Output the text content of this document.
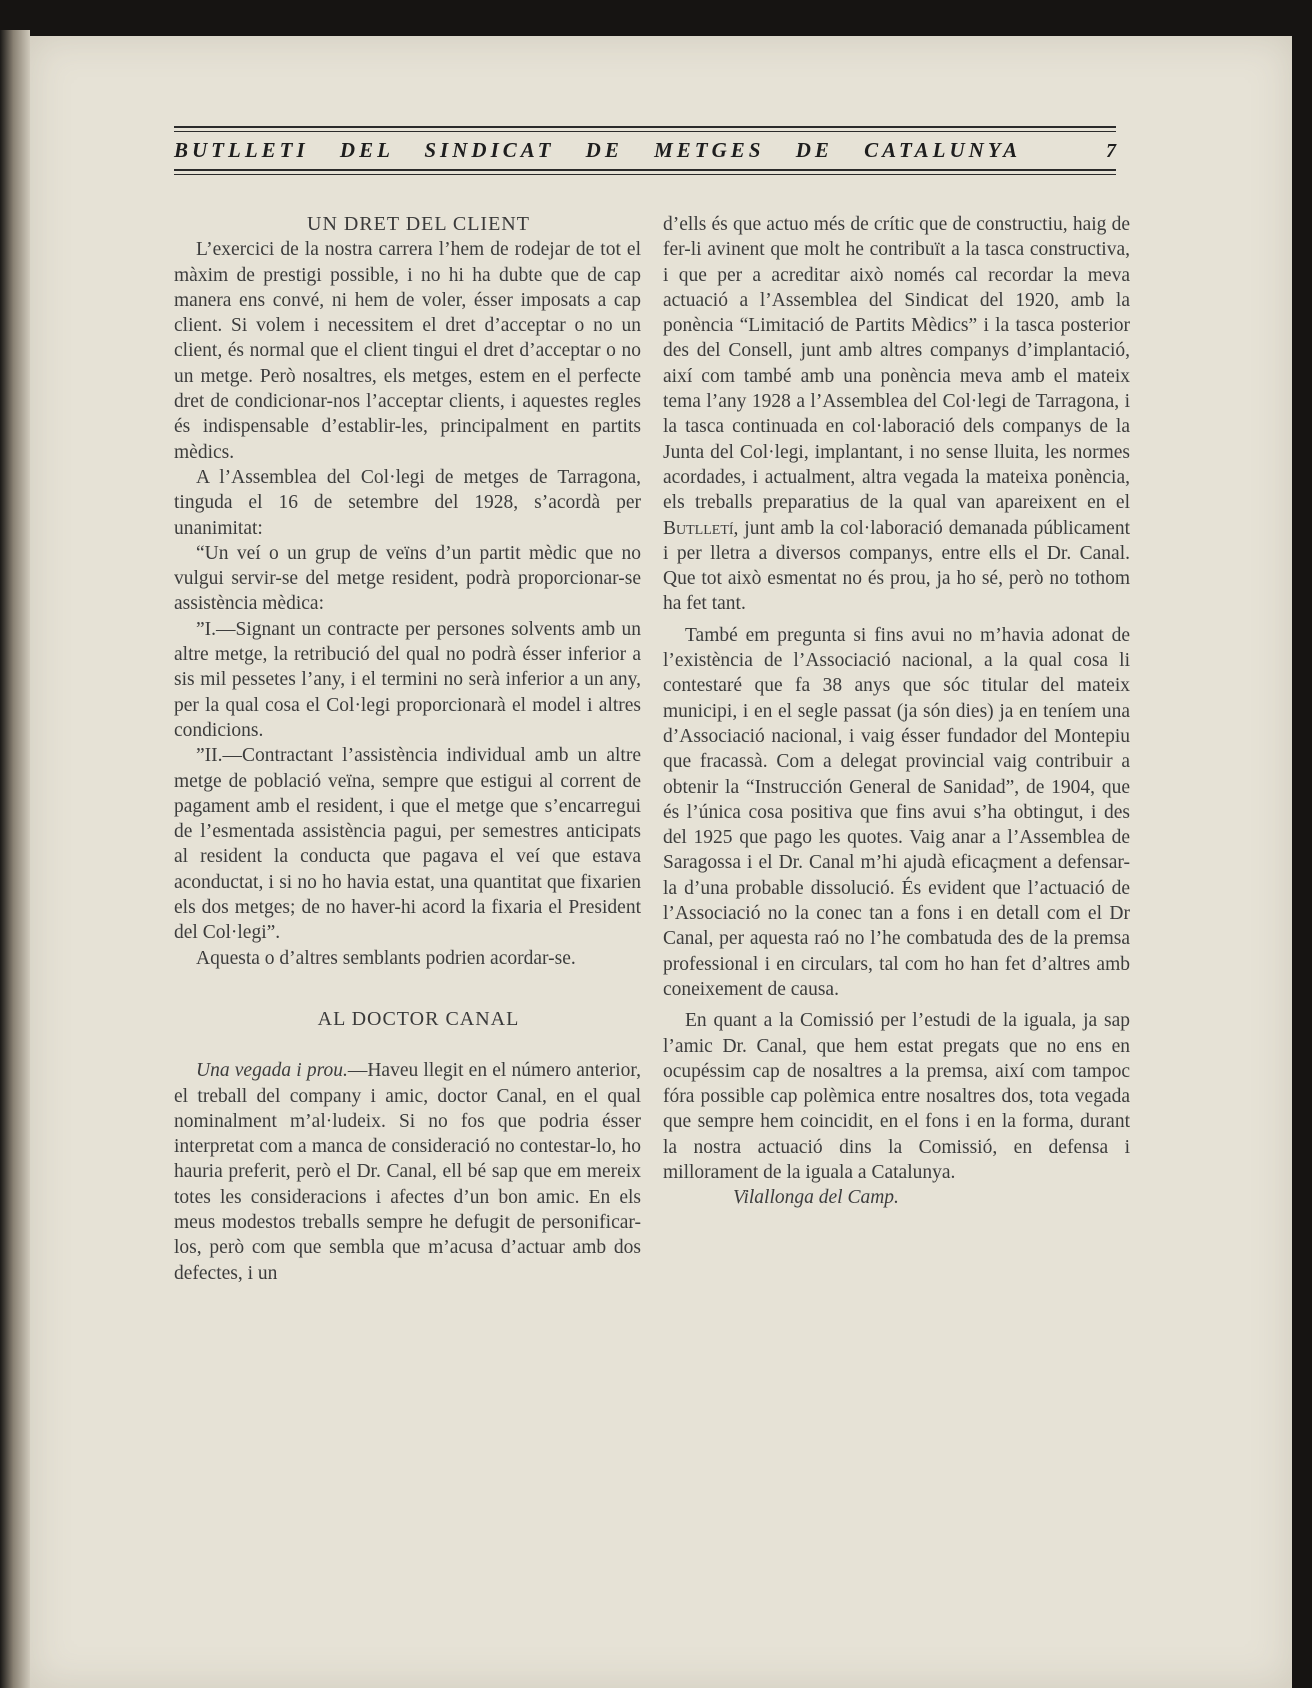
BUTLLETI DEL SINDICAT DE METGES DE CATALUNYA	7

UN DRET DEL CLIENT

L’exercici de la nostra carrera l’hem de rodejar de tot el màxim de prestigi possible, i no hi ha dubte que de cap manera ens convé, ni hem de voler, ésser imposats a cap client. Si volem i necessitem el dret d’acceptar o no un client, és normal que el client tingui el dret d’acceptar o no un metge. Però nosaltres, els metges, estem en el perfecte dret de condicionar-nos l’acceptar clients, i aquestes regles és indispensable d’establir-les, principalment en partits mèdics.

A l’Assemblea del Col·legi de metges de Tarragona, tinguda el 16 de setembre del 1928, s’acordà per unanimitat:

“Un veí o un grup de veïns d’un partit mèdic que no vulgui servir-se del metge resident, podrà proporcionar-se assistència mèdica:

”I.—Signant un contracte per persones solvents amb un altre metge, la retribució del qual no podrà ésser inferior a sis mil pessetes l’any, i el termini no serà inferior a un any, per la qual cosa el Col·legi proporcionarà el model i altres condicions.

”II.—Contractant l’assistència individual amb un altre metge de població veïna, sempre que estigui al corrent de pagament amb el resident, i que el metge que s’encarregui de l’esmentada assistència pagui, per semestres anticipats al resident la conducta que pagava el veí que estava aconductat, i si no ho havia estat, una quantitat que fixarien els dos metges; de no haver-hi acord la fixaria el President del Col·legi”.

Aquesta o d’altres semblants podrien acordar-se.

AL DOCTOR CANAL

Una vegada i prou.—Haveu llegit en el número anterior, el treball del company i amic, doctor Canal, en el qual nominalment m’al·ludeix. Si no fos que podria ésser interpretat com a manca de consideració no contestar-lo, ho hauria preferit, però el Dr. Canal, ell bé sap que em mereix totes les consideracions i afectes d’un bon amic. En els meus modestos treballs sempre he defugit de personificar-los, però com que sembla que m’acusa d’actuar amb dos defectes, i un

d’ells és que actuo més de crític que de constructiu, haig de fer-li avinent que molt he contribuït a la tasca constructiva, i que per a acreditar això només cal recordar la meva actuació a l’Assemblea del Sindicat del 1920, amb la ponència “Limitació de Partits Mèdics” i la tasca posterior des del Consell, junt amb altres companys d’implantació, així com també amb una ponència meva amb el mateix tema l’any 1928 a l’Assemblea del Col·legi de Tarragona, i la tasca continuada en col·laboració dels companys de la Junta del Col·legi, implantant, i no sense lluita, les normes acordades, i actualment, altra vegada la mateixa ponència, els treballs preparatius de la qual van apareixent en el Butlletí, junt amb la col·laboració demanada públicament i per lletra a diversos companys, entre ells el Dr. Canal. Que tot això esmentat no és prou, ja ho sé, però no tothom ha fet tant.

També em pregunta si fins avui no m’havia adonat de l’existència de l’Associació nacional, a la qual cosa li contestaré que fa 38 anys que sóc titular del mateix municipi, i en el segle passat (ja són dies) ja en teníem una d’Associació nacional, i vaig ésser fundador del Montepiu que fracassà. Com a delegat provincial vaig contribuir a obtenir la “Instrucción General de Sanidad”, de 1904, que és l’única cosa positiva que fins avui s’ha obtingut, i des del 1925 que pago les quotes. Vaig anar a l’Assemblea de Saragossa i el Dr. Canal m’hi ajudà eficaçment a defensar-la d’una probable dissolució. És evident que l’actuació de l’Associació no la conec tan a fons i en detall com el Dr Canal, per aquesta raó no l’he combatuda des de la premsa professional i en circulars, tal com ho han fet d’altres amb coneixement de causa.

En quant a la Comissió per l’estudi de la iguala, ja sap l’amic Dr. Canal, que hem estat pregats que no ens en ocupéssim cap de nosaltres a la premsa, així com tampoc fóra possible cap polèmica entre nosaltres dos, tota vegada que sempre hem coincidit, en el fons i en la forma, durant la nostra actuació dins la Comissió, en defensa i millorament de la iguala a Catalunya.

Vilallonga del Camp.
